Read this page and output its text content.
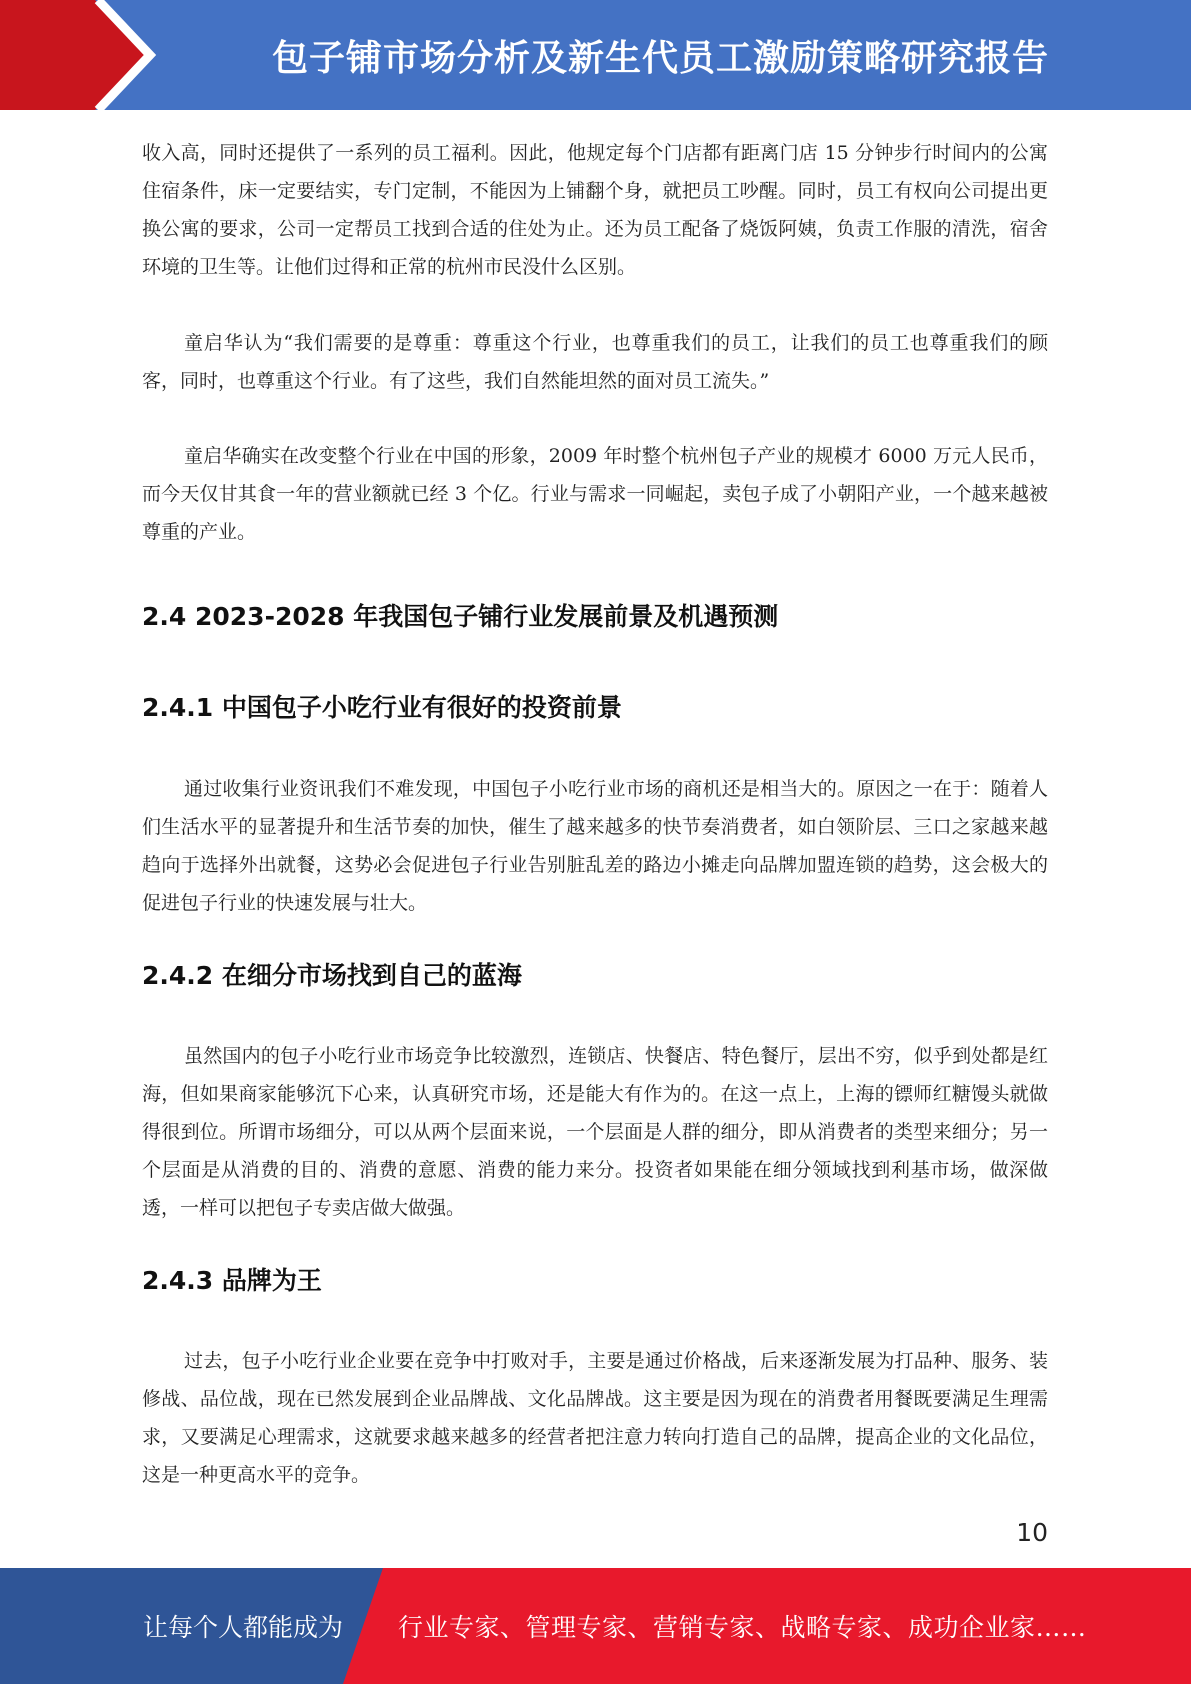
包子铺市场分析及新生代员工激励策略研究报告

收入高，同时还提供了一系列的员工福利。因此，他规定每个门店都有距离门店 15 分钟步行时间内的公寓住宿条件，床一定要结实，专门定制，不能因为上铺翻个身，就把员工吵醒。同时，员工有权向公司提出更换公寓的要求，公司一定帮员工找到合适的住处为止。还为员工配备了烧饭阿姨，负责工作服的清洗，宿舍环境的卫生等。让他们过得和正常的杭州市民没什么区别。

童启华认为“我们需要的是尊重：尊重这个行业，也尊重我们的员工，让我们的员工也尊重我们的顾客，同时，也尊重这个行业。有了这些，我们自然能坦然的面对员工流失。”

童启华确实在改变整个行业在中国的形象，2009 年时整个杭州包子产业的规模才 6000 万元人民币，而今天仅甘其食一年的营业额就已经 3 个亿。行业与需求一同崛起，卖包子成了小朝阳产业，一个越来越被尊重的产业。

2.4 2023-2028 年我国包子铺行业发展前景及机遇预测
2.4.1 中国包子小吃行业有很好的投资前景

通过收集行业资讯我们不难发现，中国包子小吃行业市场的商机还是相当大的。原因之一在于：随着人们生活水平的显著提升和生活节奏的加快，催生了越来越多的快节奏消费者，如白领阶层、三口之家越来越趋向于选择外出就餐，这势必会促进包子行业告别脏乱差的路边小摊走向品牌加盟连锁的趋势，这会极大的促进包子行业的快速发展与壮大。

2.4.2 在细分市场找到自己的蓝海

虽然国内的包子小吃行业市场竞争比较激烈，连锁店、快餐店、特色餐厅，层出不穷，似乎到处都是红海，但如果商家能够沉下心来，认真研究市场，还是能大有作为的。在这一点上，上海的镖师红糖馒头就做得很到位。所谓市场细分，可以从两个层面来说，一个层面是人群的细分，即从消费者的类型来细分；另一个层面是从消费的目的、消费的意愿、消费的能力来分。投资者如果能在细分领域找到利基市场，做深做透，一样可以把包子专卖店做大做强。

2.4.3 品牌为王

过去，包子小吃行业企业要在竞争中打败对手，主要是通过价格战，后来逐渐发展为打品种、服务、装修战、品位战，现在已然发展到企业品牌战、文化品牌战。这主要是因为现在的消费者用餐既要满足生理需求，又要满足心理需求，这就要求越来越多的经营者把注意力转向打造自己的品牌，提高企业的文化品位，这是一种更高水平的竞争。

10
让每个人都能成为 行业专家、管理专家、营销专家、战略专家、成功企业家……
